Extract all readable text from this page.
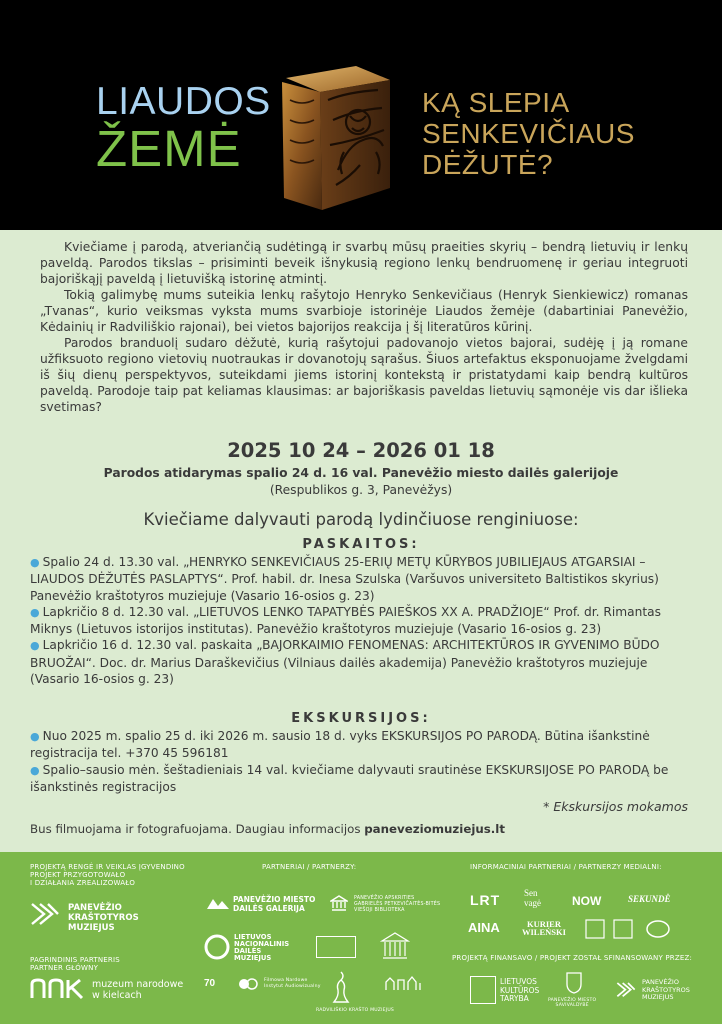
LIAUDOS
ŽEMĖ
KĄ SLEPIA
SENKEVIČIAUS
DĖŽUTĖ?

Kviečiame į parodą, atveriančią sudėtingą ir svarbų mūsų praeities skyrių – bendrą lietuvių ir lenkų paveldą. Parodos tikslas – prisiminti beveik išnykusią regiono lenkų bendruomenę ir geriau integruoti bajoriškąjį paveldą į lietuvišką istorinę atmintį.

Tokią galimybę mums suteikia lenkų rašytojo Henryko Senkevičiaus (Henryk Sienkiewicz) romanas „Tvanas“, kurio veiksmas vyksta mums svarbioje istorinėje Liaudos žemėje (dabartiniai Panevėžio, Kėdainių ir Radviliškio rajonai), bei vietos bajorijos reakcija į šį literatūros kūrinį.

Parodos branduolį sudaro dėžutė, kurią rašytojui padovanojo vietos bajorai, sudėję į ją romane užfiksuoto regiono vietovių nuotraukas ir dovanotojų sąrašus. Šiuos artefaktus eksponuojame žvelgdami iš šių dienų perspektyvos, suteikdami jiems istorinį kontekstą ir pristatydami kaip bendrą kultūros paveldą. Parodoje taip pat keliamas klausimas: ar bajoriškasis paveldas lietuvių sąmonėje vis dar išlieka svetimas?

2025 10 24 – 2026 01 18
Parodos atidarymas spalio 24 d. 16 val. Panevėžio miesto dailės galerijoje
(Respublikos g. 3, Panevėžys)
Kviečiame dalyvauti parodą lydinčiuose renginiuose:
PASKAITOS:

● Spalio 24 d. 13.30 val. „HENRYKO SENKEVIČIAUS 25-ERIŲ METŲ KŪRYBOS JUBILIEJAUS ATGARSIAI – LIAUDOS DĖŽUTĖS PASLAPTYS“. Prof. habil. dr. Inesa Szulska (Varšuvos universiteto Baltistikos skyrius) Panevėžio kraštotyros muziejuje (Vasario 16-osios g. 23)

● Lapkričio 8 d. 12.30 val. „LIETUVOS LENKO TAPATYBĖS PAIEŠKOS XX A. PRADŽIOJE“ Prof. dr. Rimantas Miknys (Lietuvos istorijos institutas). Panevėžio kraštotyros muziejuje (Vasario 16-osios g. 23)

● Lapkričio 16 d. 12.30 val. paskaita „BAJORKAIMIO FENOMENAS: ARCHITEKTŪROS IR GYVENIMO BŪDO BRUOŽAI“. Doc. dr. Marius Daraškevičius (Vilniaus dailės akademija) Panevėžio kraštotyros muziejuje (Vasario 16-osios g. 23)

EKSKURSIJOS:

● Nuo 2025 m. spalio 25 d. iki 2026 m. sausio 18 d. vyks EKSKURSIJOS PO PARODĄ. Būtina išankstinė registracija tel. +370 45 596181

● Spalio–sausio mėn. šeštadieniais 14 val. kviečiame dalyvauti srautinėse EKSKURSIJOSE PO PARODĄ be išankstinės registracijos

* Ekskursijos mokamos
Bus filmuojama ir fotografuojama. Daugiau informacijos paneveziomuziejus.lt
PROJEKTĄ RENGĖ IR VEIKLAS ĮGYVENDINO
PROJEKT PRZYGOTOWAŁO
I DZIAŁANIA ZREALIZOWAŁO
PANEVĖŽIO
KRAŠTOTYROS
MUZIEJUS
PAGRINDINIS PARTNERIS
PARTNER GŁÓWNY
muzeum narodowe
w kielcach
PARTNERIAI / PARTNERZY:
PANEVĖŽIO MIESTO
DAILĖS GALERIJA
PANEVĖŽIO APSKRITIES
GABRIELĖS PETKEVIČAITĖS-BITĖS
VIEŠOJI BIBLIOTEKA
LIETUVOS
NACIONALINIS
DAILĖS
MUZIEJUS
70	Filmowa Nardowe
Instytut Audiowizualny
RADVILIŠKIO KRAŠTO MUZIEJUS
INFORMACINIAI PARTNERIAI / PARTNERZY MEDIALNI:
LRT	Sen
vagė	NOW	SEKUNDĖ
AINA	KURIER
WILEŃSKI
PROJEKTĄ FINANSAVO / PROJEKT ZOSTAŁ SFINANSOWANY PRZEZ:
LIETUVOS
KULTŪROS
TARYBA	PANEVĖŽIO MIESTO
SAVIVALDYBĖ
PANEVĖŽIO
KRAŠTOTYROS
MUZIEJUS
